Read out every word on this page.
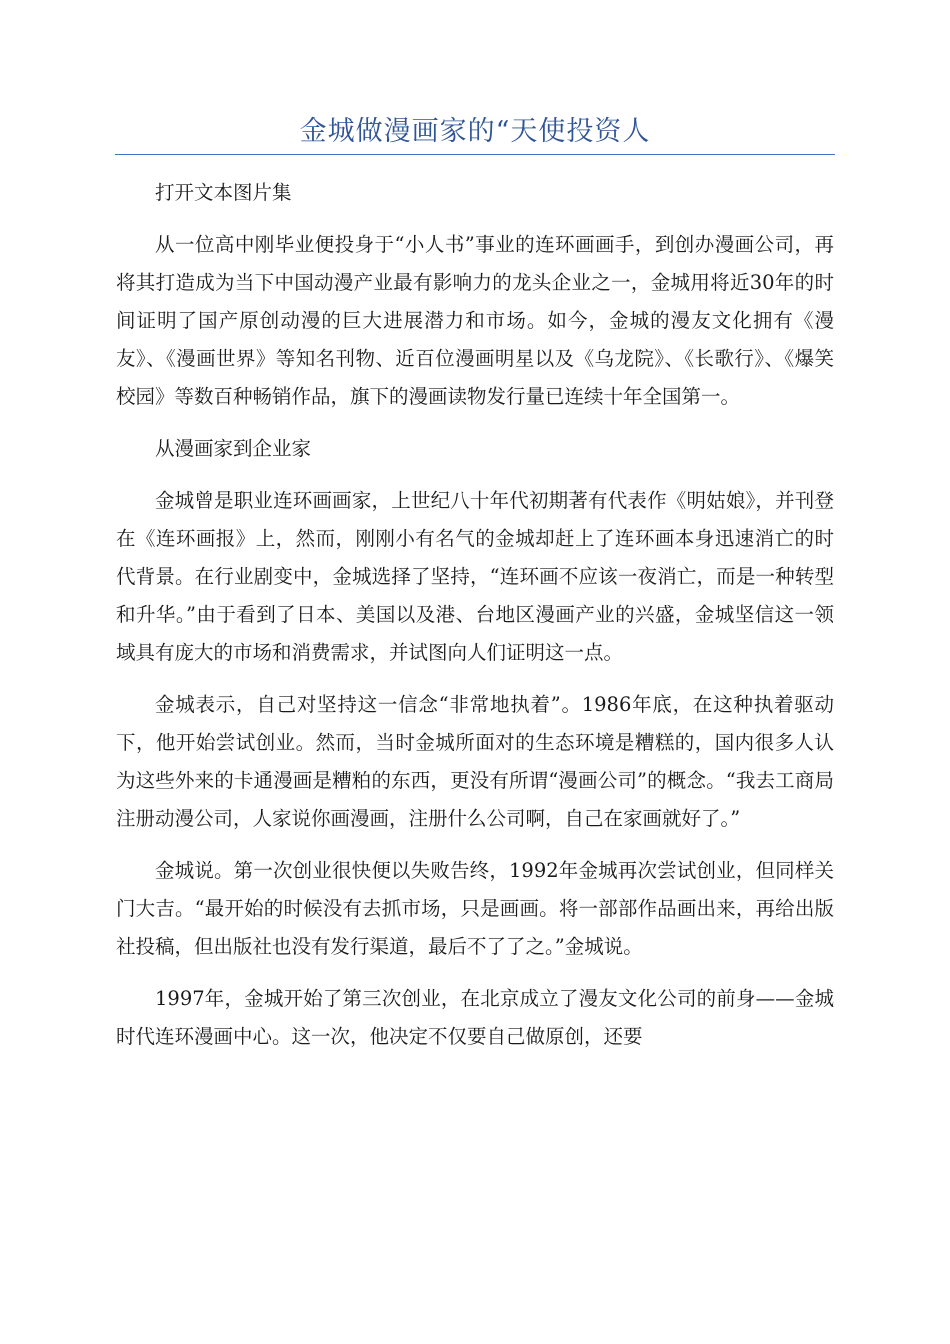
金城做漫画家的“天使投资人

打开文本图片集

从一位高中刚毕业便投身于“小人书”事业的连环画画手，到创办漫画公司，再将其打造成为当下中国动漫产业最有影响力的龙头企业之一，金城用将近30年的时间证明了国产原创动漫的巨大进展潜力和市场。如今，金城的漫友文化拥有《漫友》、《漫画世界》等知名刊物、近百位漫画明星以及《乌龙院》、《长歌行》、《爆笑校园》等数百种畅销作品，旗下的漫画读物发行量已连续十年全国第一。

从漫画家到企业家

金城曾是职业连环画画家，上世纪八十年代初期著有代表作《明姑娘》，并刊登在《连环画报》上，然而，刚刚小有名气的金城却赶上了连环画本身迅速消亡的时代背景。在行业剧变中，金城选择了坚持，“连环画不应该一夜消亡，而是一种转型和升华。”由于看到了日本、美国以及港、台地区漫画产业的兴盛，金城坚信这一领域具有庞大的市场和消费需求，并试图向人们证明这一点。

金城表示，自己对坚持这一信念“非常地执着”。1986年底，在这种执着驱动下，他开始尝试创业。然而，当时金城所面对的生态环境是糟糕的，国内很多人认为这些外来的卡通漫画是糟粕的东西，更没有所谓“漫画公司”的概念。“我去工商局注册动漫公司，人家说你画漫画，注册什么公司啊，自己在家画就好了。”

金城说。第一次创业很快便以失败告终，1992年金城再次尝试创业，但同样关门大吉。“最开始的时候没有去抓市场，只是画画。将一部部作品画出来，再给出版社投稿，但出版社也没有发行渠道，最后不了了之。”金城说。

1997年，金城开始了第三次创业，在北京成立了漫友文化公司的前身——金城时代连环漫画中心。这一次，他决定不仅要自己做原创，还要
